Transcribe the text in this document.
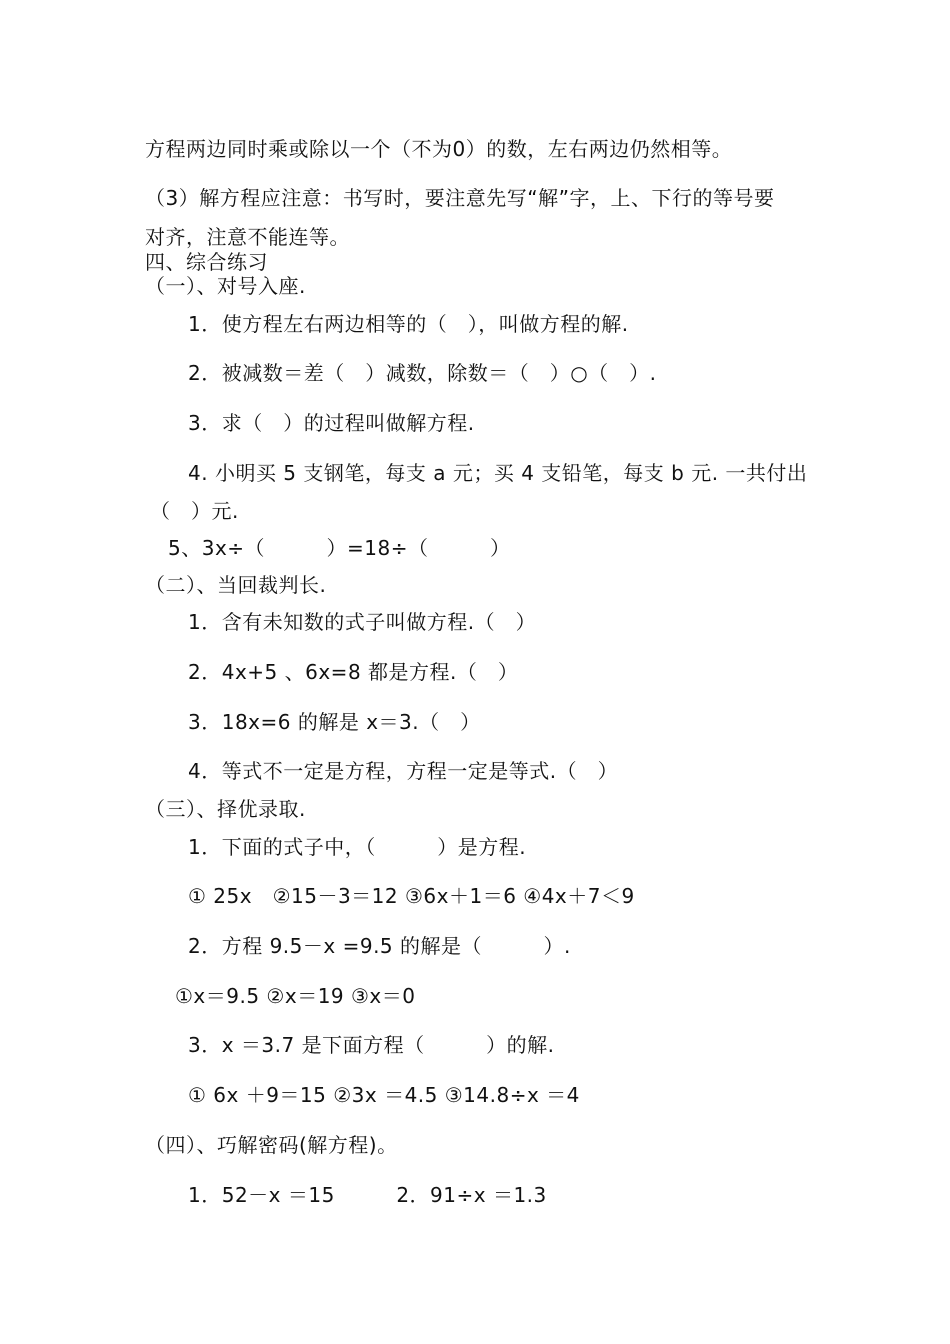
方程两边同时乘或除以一个（不为0）的数，左右两边仍然相等。
（3）解方程应注意：书写时，要注意先写“解”字，上、下行的等号要
对齐，注意不能连等。
四、综合练习
（一）、对号入座.
1．使方程左右两边相等的（　），叫做方程的解.
2．被减数＝差（　）减数，除数＝（　）○（　）.
3．求（　）的过程叫做解方程.
4. 小明买 5 支钢笔，每支 a 元；买 4 支铅笔，每支 b 元. 一共付出
（　）元.
5、3x÷（　　　）=18÷（　　　）
（二）、当回裁判长.
1．含有未知数的式子叫做方程.（　）
2．4x+5 、6x=8 都是方程.（　）
3．18x=6 的解是 x＝3.（　）
4．等式不一定是方程，方程一定是等式.（　）
（三）、择优录取.
1．下面的式子中，（　　　）是方程.
① 25x　②15－3＝12 ③6x＋1＝6 ④4x＋7＜9
2．方程 9.5－x =9.5 的解是（　　　）.
①x＝9.5 ②x＝19 ③x＝0
3．x ＝3.7 是下面方程（　　　）的解.
① 6x ＋9＝15 ②3x ＝4.5 ③14.8÷x ＝4
（四）、巧解密码(解方程)。
1．52－x ＝15　　　2．91÷x ＝1.3
